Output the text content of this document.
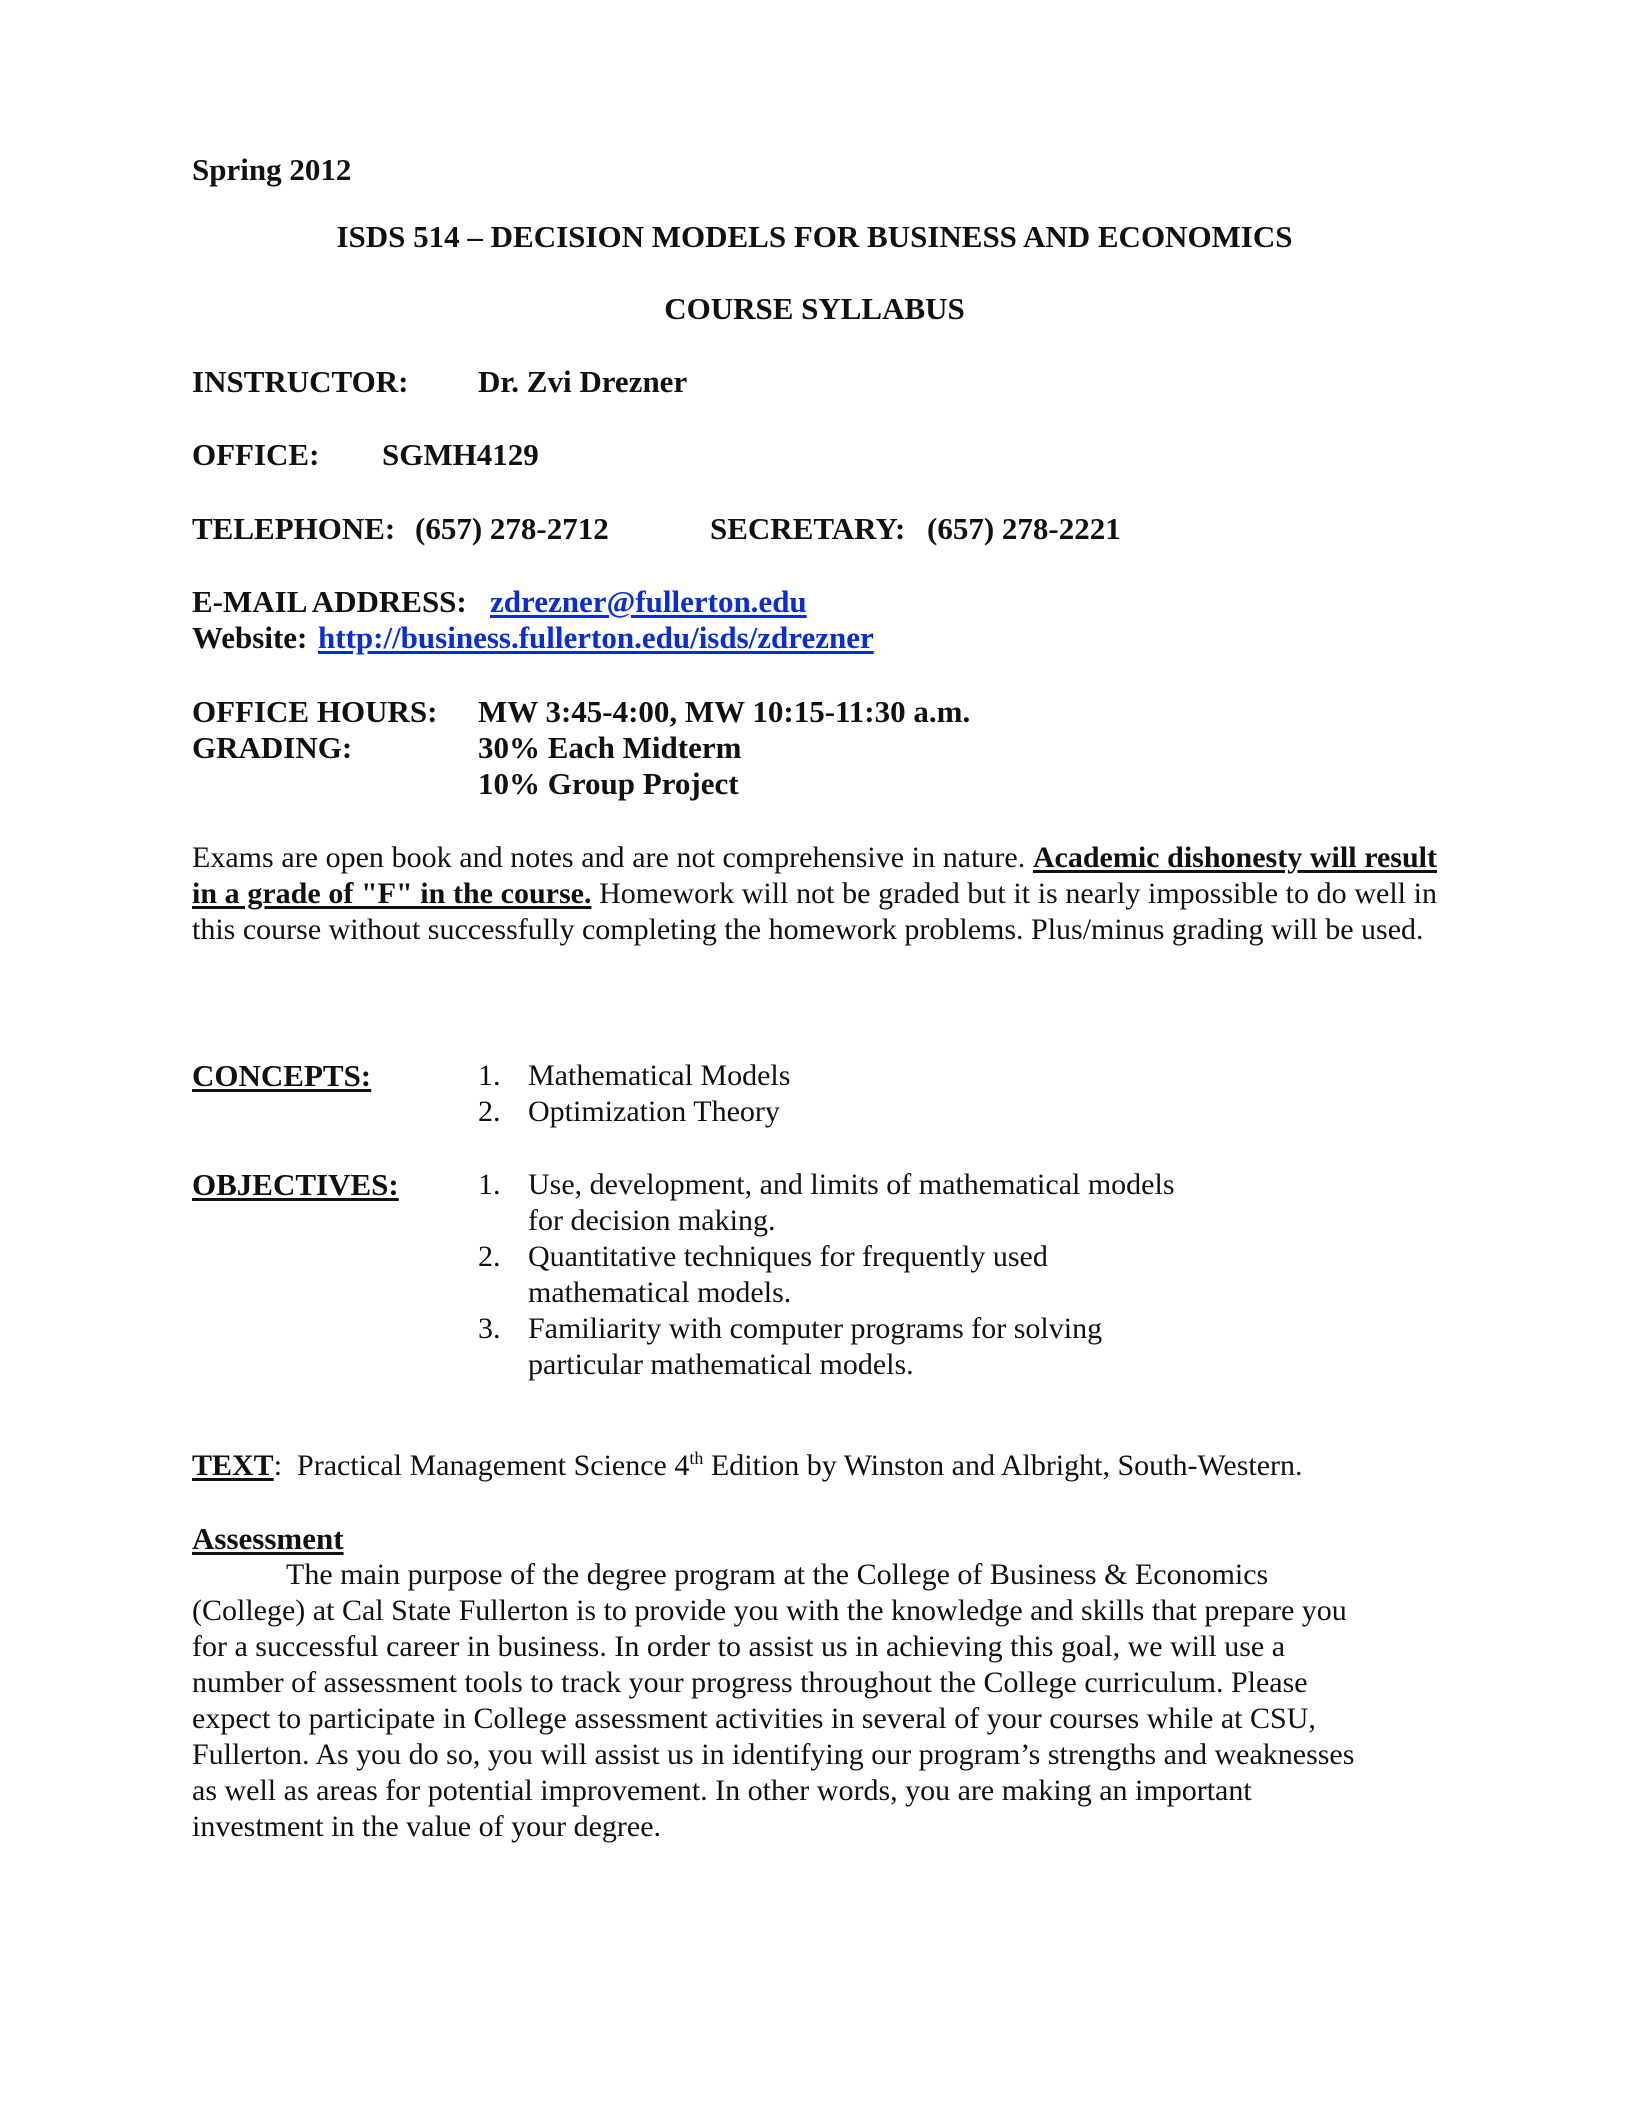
Spring 2012
ISDS 514 – DECISION MODELS FOR BUSINESS AND ECONOMICS
COURSE SYLLABUS
INSTRUCTOR: Dr. Zvi Drezner
OFFICE: SGMH4129
TELEPHONE: (657) 278-2712	SECRETARY: (657) 278-2221
E-MAIL ADDRESS: zdrezner@fullerton.edu
Website: http://business.fullerton.edu/isds/zdrezner
OFFICE HOURS: MW 3:45-4:00, MW 10:15-11:30 a.m.
GRADING:	30% Each Midterm
10% Group Project
Exams are open book and notes and are not comprehensive in nature. Academic dishonesty will result in a grade of "F" in the course. Homework will not be graded but it is nearly impossible to do well in this course without successfully completing the homework problems. Plus/minus grading will be used.
CONCEPTS:	1. Mathematical Models
2. Optimization Theory
OBJECTIVES:	1. Use, development, and limits of mathematical models
for decision making.
2. Quantitative techniques for frequently used
mathematical models.
3. Familiarity with computer programs for solving
particular mathematical models.
TEXT:  Practical Management Science 4th Edition by Winston and Albright, South-Western.
Assessment
The main purpose of the degree program at the College of Business & Economics
(College) at Cal State Fullerton is to provide you with the knowledge and skills that prepare you
for a successful career in business. In order to assist us in achieving this goal, we will use a
number of assessment tools to track your progress throughout the College curriculum. Please
expect to participate in College assessment activities in several of your courses while at CSU,
Fullerton. As you do so, you will assist us in identifying our program’s strengths and weaknesses
as well as areas for potential improvement. In other words, you are making an important
investment in the value of your degree.
